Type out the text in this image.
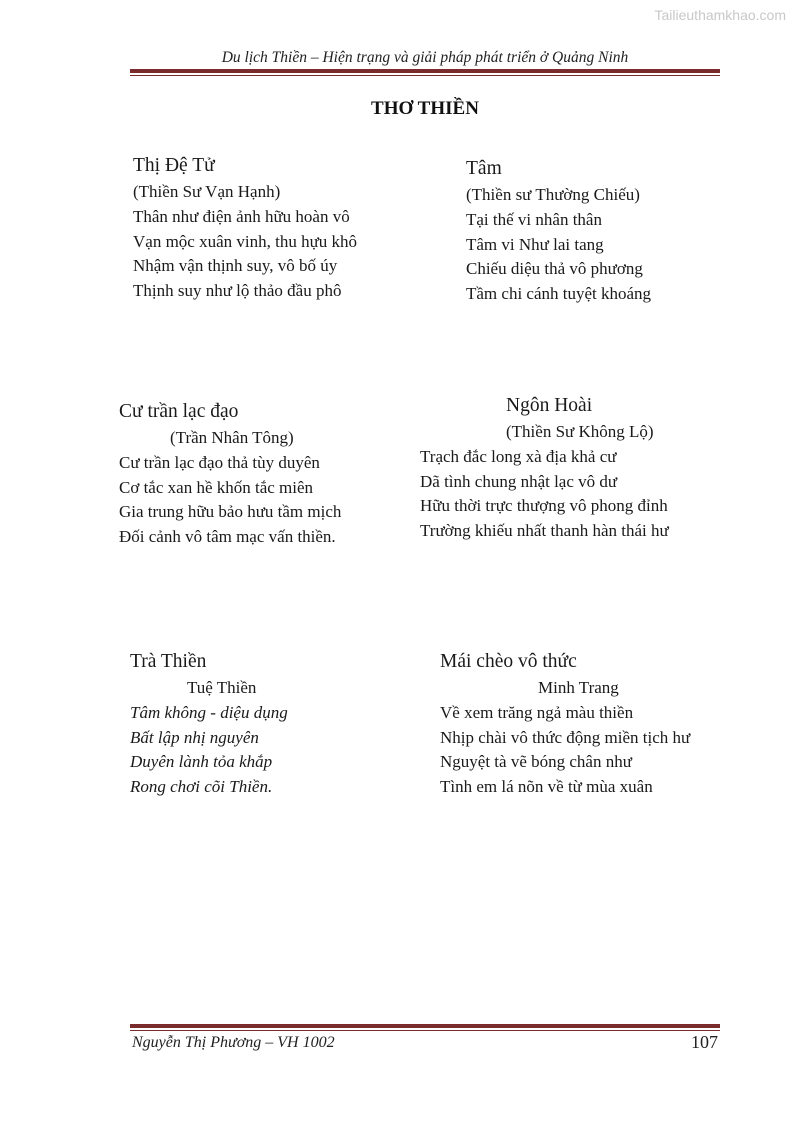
Tailieuthamkhao.com
Du lịch Thiền – Hiện trạng và giải pháp phát triển ở Quảng Ninh
THƠ THIỀN
Thị Đệ Tử
(Thiền Sư Vạn Hạnh)
Thân như điện ảnh hữu hoàn vô
Vạn mộc xuân vinh, thu hựu khô
Nhậm vận thịnh suy, vô bố úy
Thịnh suy như lộ thảo đầu phô
Tâm
(Thiền sư Thường Chiếu)
Tại thế vi nhân thân
Tâm vi Như lai tang
Chiếu diệu thả vô phương
Tầm chi cánh tuyệt khoáng
Cư trần lạc đạo
(Trần Nhân Tông)
Cư trần lạc đạo thả tùy duyên
Cơ tắc xan hề khốn tắc miên
Gia trung hữu bảo hưu tầm mịch
Đối cảnh vô tâm mạc vấn thiền.
Ngôn Hoài
(Thiền Sư Không Lộ)
Trạch đắc long xà địa khả cư
Dã tình chung nhật lạc vô dư
Hữu thời trực thượng vô phong đỉnh
Trường khiếu nhất thanh hàn thái hư
Trà Thiền
Tuệ Thiền
Tâm không - diệu dụng
Bất lập nhị nguyên
Duyên lành tỏa khắp
Rong chơi cõi Thiền.
Mái chèo vô thức
Minh Trang
Về xem trăng ngả màu thiền
Nhịp chài vô thức động miền tịch hư
Nguyệt tà vẽ bóng chân như
Tình em lá nõn về từ mùa xuân
Nguyễn Thị Phương – VH 1002	107
